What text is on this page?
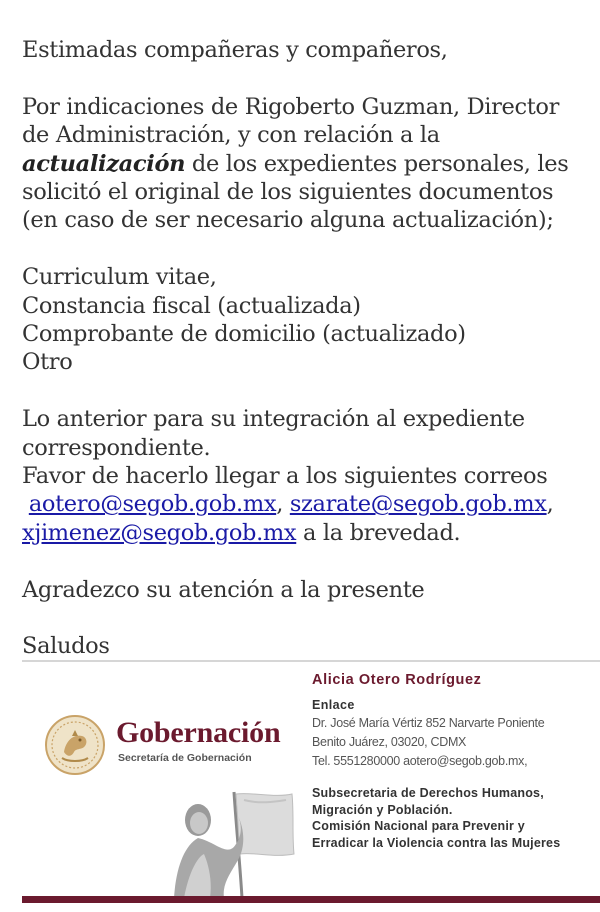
Estimadas compañeras y compañeros,

Por indicaciones de Rigoberto Guzman, Director

de Administración, y con relación a la

actualización de los expedientes personales, les

solicitó el original de los siguientes documentos

(en caso de ser necesario alguna actualización);

Curriculum vitae,

Constancia fiscal (actualizada)

Comprobante de domicilio (actualizado)

Otro

Lo anterior para su integración al expediente

correspondiente.

Favor de hacerlo llegar a los siguientes correos

aotero@segob.gob.mx, szarate@segob.gob.mx,

xjimenez@segob.gob.mx a la brevedad.

Agradezco su atención a la presente

Saludos

Gobernación
Secretaría de Gobernación
Alicia Otero Rodríguez
Enlace
Dr. José María Vértiz 852 Narvarte Poniente
Benito Juárez, 03020, CDMX
Tel. 5551280000 aotero@segob.gob.mx,
Subsecretaria de Derechos Humanos,
Migración y Población.
Comisión Nacional para Prevenir y
Erradicar la Violencia contra las Mujeres
